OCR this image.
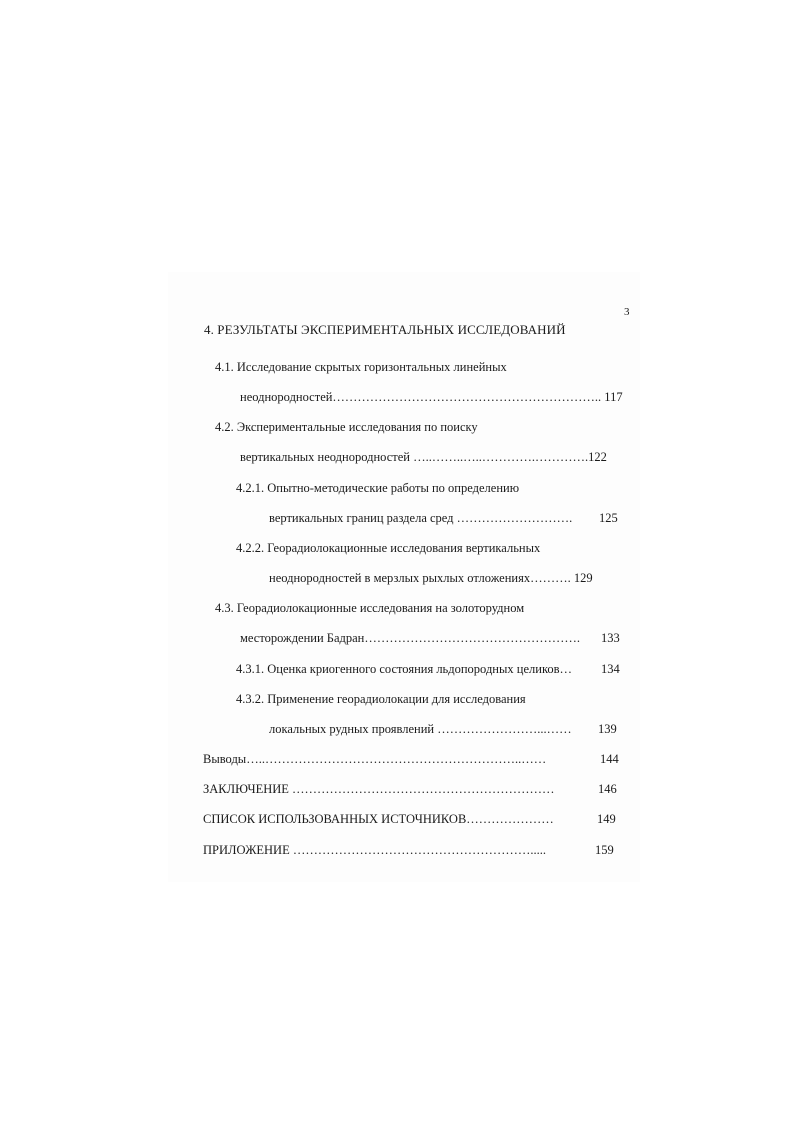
3
4. РЕЗУЛЬТАТЫ ЭКСПЕРИМЕНТАЛЬНЫХ ИССЛЕДОВАНИЙ
4.1. Исследование скрытых горизонтальных линейных
неоднородностей……………………………………………………….. 117
4.2. Экспериментальные исследования по поиску
вертикальных неоднородностей …..……..…..………….………….122
4.2.1. Опытно-методические работы по определению
вертикальных границ раздела сред ………………………. 125
4.2.2. Георадиолокационные исследования вертикальных
неоднородностей в мерзлых рыхлых отложениях………. 129
4.3. Георадиолокационные исследования на золоторудном
месторождении Бадран……………………………………………. 133
4.3.1. Оценка криогенного состояния льдопородных целиков… 134
4.3.2. Применение георадиолокации для исследования
локальных рудных проявлений ……………………...…… 139
Выводы…..……………………………………………………..……	144
ЗАКЛЮЧЕНИЕ ………………………………………………………	146
СПИСОК ИСПОЛЬЗОВАННЫХ ИСТОЧНИКОВ…………………	149
ПРИЛОЖЕНИЕ ………………………………………………….....	159
